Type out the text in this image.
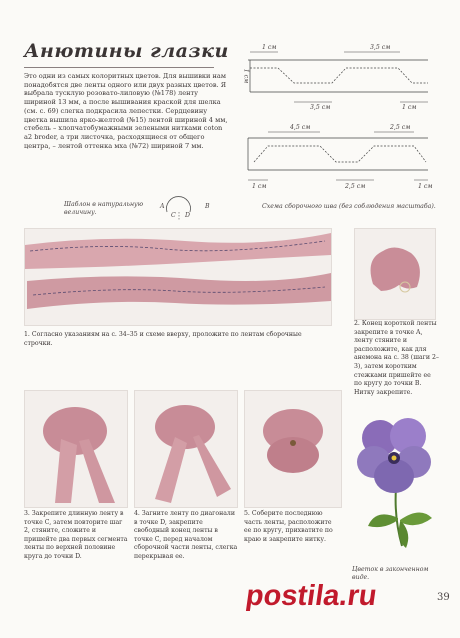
Анютины глазки
Это одни из самых колоритных цветов. Для вышивки нам понадобятся две ленты одного или двух разных цветов. Я выбрала тусклую розовато-лиловую (№178) ленту шириной 13 мм, а после вышивания краской для шелка (см. с. 69) слегка подкрасила лепестки. Сердцевину цветка вышила ярко-желтой (№15) лентой шириной 4 мм, стебель – хлопчатобумажными зелеными нитками coton а2 broder, а три листочка, расходящиеся от общего центра, – лентой оттенка мха (№72) шириной 7 мм.
Шаблон в натуральную величину.
A	B
C D
1 см	3,5 см
3,5 см	1 см
1 см
4,5 см	2,5 см
1 см	2,5 см	1 см
Схема сборочного шва (без соблюдения масштаба).
1. Согласно указаниям на с. 34–35 и схеме вверху, проложите по лентам сборочные строчки.
2. Конец короткой ленты закрепите в точке A, ленту стяните и расположите, как для анемона на с. 38 (шаги 2–3), затем коротким стежками пришейте ее по кругу до точки B. Нитку закрепите.
3. Закрепите длинную ленту в точке C, затем повторите шаг 2, стяните, сложите и пришейте два первых сегмента ленты по верхней половине круга до точки D.
4. Загните ленту по диагонали в точке D, закрепите свободный конец ленты в точке C, перед началом сборочной части ленты, слегка перекрывая ее.
5. Соберите последнюю часть ленты, расположите ее по кругу, прихватите по краю и закрепите нитку.
Цветок в законченном виде.
postila.ru	39
